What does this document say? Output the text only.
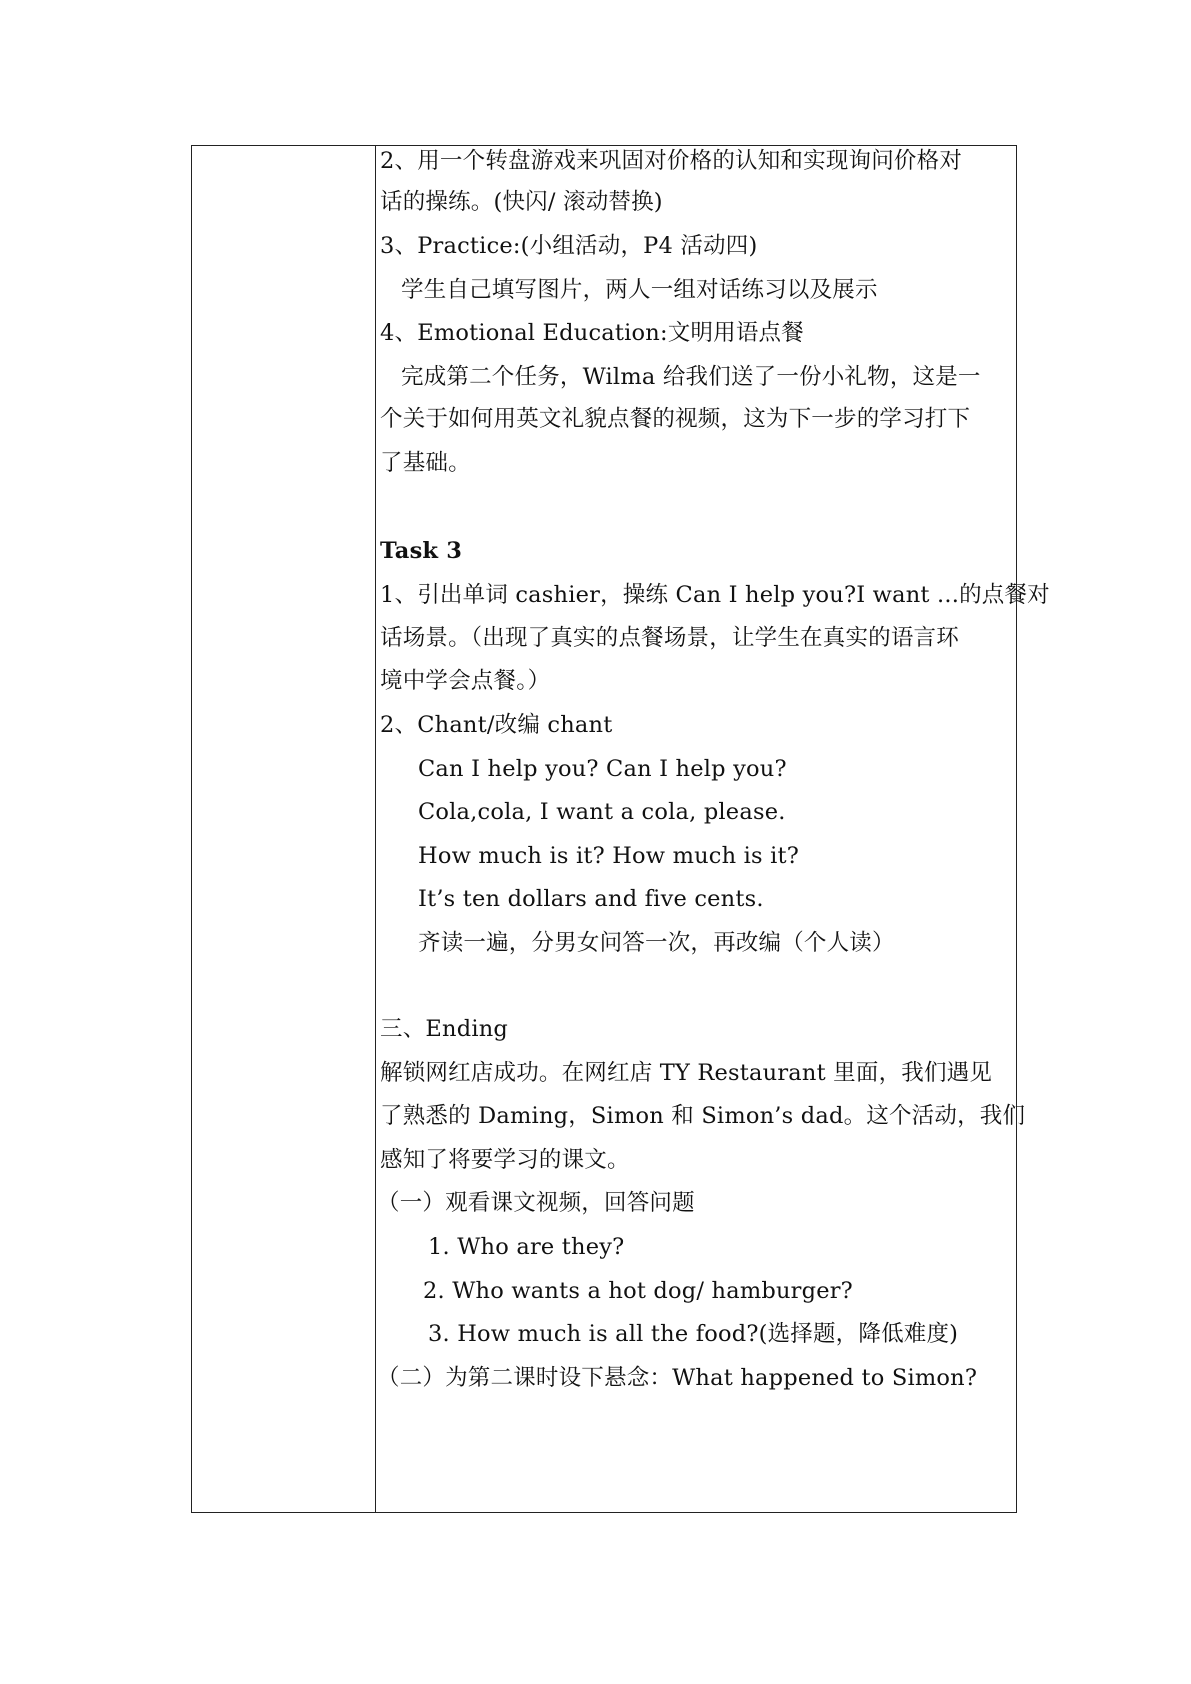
2、用一个转盘游戏来巩固对价格的认知和实现询问价格对
话的操练。(快闪/ 滚动替换)
3、Practice:(小组活动，P4 活动四)
学生自己填写图片，两人一组对话练习以及展示
4、Emotional Education:文明用语点餐
完成第二个任务，Wilma 给我们送了一份小礼物，这是一
个关于如何用英文礼貌点餐的视频，这为下一步的学习打下
了基础。
Task 3
1、引出单词 cashier，操练 Can I help you?I want ...的点餐对
话场景。（出现了真实的点餐场景，让学生在真实的语言环
境中学会点餐。）
2、Chant/改编 chant
Can I help you? Can I help you?
Cola,cola, I want a cola, please.
How much is it? How much is it?
It’s ten dollars and five cents.
齐读一遍，分男女问答一次，再改编（个人读）
三、Ending
解锁网红店成功。在网红店 TY Restaurant 里面，我们遇见
了熟悉的 Daming，Simon 和 Simon’s dad。这个活动，我们
感知了将要学习的课文。
（一）观看课文视频，回答问题
1. Who are they?
2. Who wants a hot dog/ hamburger?
3. How much is all the food?(选择题，降低难度)
（二）为第二课时设下悬念：What happened to Simon?
